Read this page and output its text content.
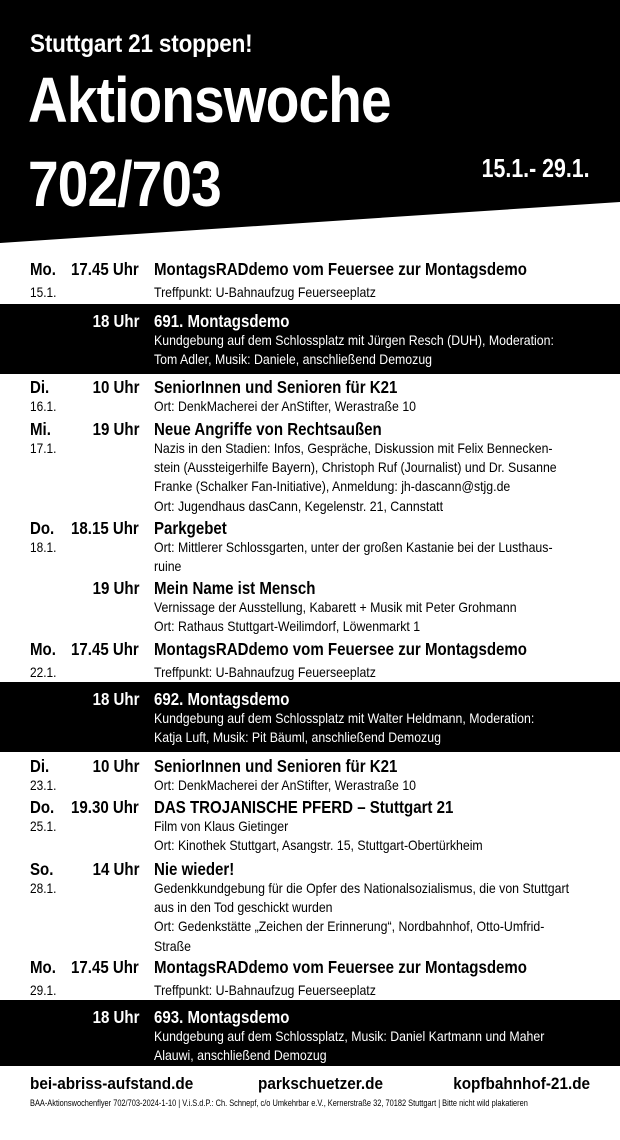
Stuttgart 21 stoppen!
Aktionswoche
702/703	15.1.- 29.1.
Mo. 17.45 Uhr MontagsRADdemo vom Feuersee zur Montagsdemo
15.1.	Treffpunkt: U-Bahnaufzug Feuerseeplatz
18 Uhr 691. Montagsdemo
Kundgebung auf dem Schlossplatz mit Jürgen Resch (DUH), Moderation:
Tom Adler, Musik: Daniele, anschließend Demozug
Di. 10 Uhr SeniorInnen und Senioren für K21
16.1.	Ort: DenkMacherei der AnStifter, Werastraße 10
Mi. 19 Uhr Neue Angriffe von Rechtsaußen
17.1.	Nazis in den Stadien: Infos, Gespräche, Diskussion mit Felix Bennecken-
stein (Aussteigerhilfe Bayern), Christoph Ruf (Journalist) und Dr. Susanne
Franke (Schalker Fan-Initiative), Anmeldung: jh-dascann@stjg.de
Ort: Jugendhaus dasCann, Kegelenstr. 21, Cannstatt
Do. 18.15 Uhr Parkgebet
18.1.	Ort: Mittlerer Schlossgarten, unter der großen Kastanie bei der Lusthaus-
ruine
19 Uhr Mein Name ist Mensch
Vernissage der Ausstellung, Kabarett + Musik mit Peter Grohmann
Ort: Rathaus Stuttgart-Weilimdorf, Löwenmarkt 1
Mo. 17.45 Uhr MontagsRADdemo vom Feuersee zur Montagsdemo
22.1.	Treffpunkt: U-Bahnaufzug Feuerseeplatz
18 Uhr 692. Montagsdemo
Kundgebung auf dem Schlossplatz mit Walter Heldmann, Moderation:
Katja Luft, Musik: Pit Bäuml, anschließend Demozug
Di. 10 Uhr SeniorInnen und Senioren für K21
23.1.	Ort: DenkMacherei der AnStifter, Werastraße 10
Do. 19.30 Uhr DAS TROJANISCHE PFERD – Stuttgart 21
25.1.	Film von Klaus Gietinger
Ort: Kinothek Stuttgart, Asangstr. 15, Stuttgart-Obertürkheim
So. 14 Uhr Nie wieder!
28.1.	Gedenkkundgebung für die Opfer des Nationalsozialismus, die von Stuttgart
aus in den Tod geschickt wurden
Ort: Gedenkstätte „Zeichen der Erinnerung“, Nordbahnhof, Otto-Umfrid-
Straße
Mo. 17.45 Uhr MontagsRADdemo vom Feuersee zur Montagsdemo
29.1.	Treffpunkt: U-Bahnaufzug Feuerseeplatz
18 Uhr 693. Montagsdemo
Kundgebung auf dem Schlossplatz, Musik: Daniel Kartmann und Maher
Alauwi, anschließend Demozug
bei-abriss-aufstand.de	parkschuetzer.de	kopfbahnhof-21.de
BAA-Aktionswochenflyer 702/703-2024-1-10 | V.i.S.d.P.: Ch. Schnepf, c/o Umkehrbar e.V., Kernerstraße 32, 70182 Stuttgart | Bitte nicht wild plakatieren
